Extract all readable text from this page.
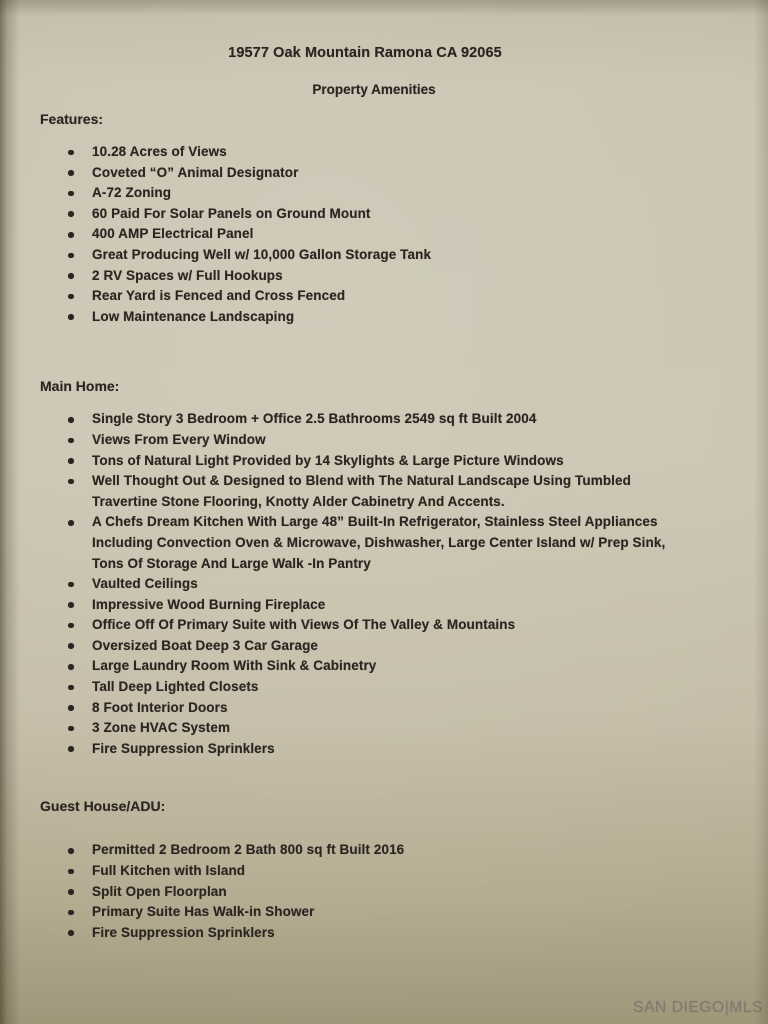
19577 Oak Mountain Ramona CA 92065
Property Amenities
Features:
10.28 Acres of Views
Coveted “O” Animal Designator
A-72 Zoning
60 Paid For Solar Panels on Ground Mount
400 AMP Electrical Panel
Great Producing Well w/ 10,000 Gallon Storage Tank
2 RV Spaces w/ Full Hookups
Rear Yard is Fenced and Cross Fenced
Low Maintenance Landscaping
Main Home:
Single Story 3 Bedroom + Office 2.5 Bathrooms 2549 sq ft Built 2004
Views From Every Window
Tons of Natural Light Provided by 14 Skylights & Large Picture Windows
Well Thought Out & Designed to Blend with The Natural Landscape Using Tumbled Travertine Stone Flooring, Knotty Alder Cabinetry And Accents.
A Chefs Dream Kitchen With Large 48” Built-In Refrigerator, Stainless Steel Appliances Including Convection Oven & Microwave, Dishwasher, Large Center Island w/ Prep Sink, Tons Of Storage And Large Walk -In Pantry
Vaulted Ceilings
Impressive Wood Burning Fireplace
Office Off Of Primary Suite with Views Of The Valley & Mountains
Oversized Boat Deep 3 Car Garage
Large Laundry Room With Sink & Cabinetry
Tall Deep Lighted Closets
8 Foot Interior Doors
3 Zone HVAC System
Fire Suppression Sprinklers
Guest House/ADU:
Permitted 2 Bedroom 2 Bath 800 sq ft Built 2016
Full Kitchen with Island
Split Open Floorplan
Primary Suite Has Walk-in Shower
Fire Suppression Sprinklers
SAN DIEGO|MLS
